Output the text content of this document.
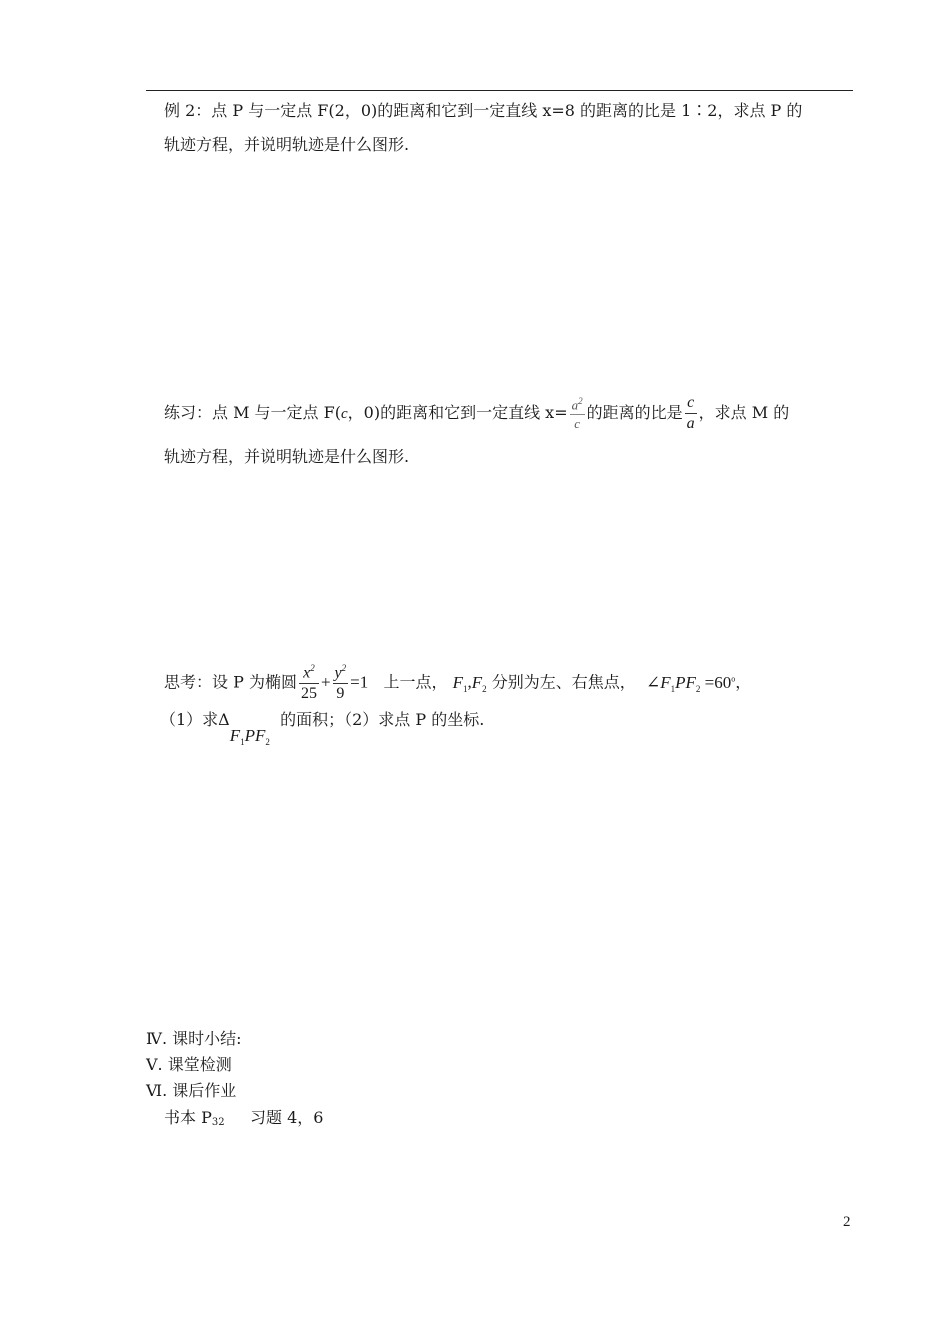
例 2：点 P 与一定点 F(2，0)的距离和它到一定直线 x=8 的距离的比是 1∶2，求点 P 的
轨迹方程，并说明轨迹是什么图形.
练习：点 M 与一定点 F(c，0)的距离和它到一定直线 $x= \frac{a^2}{c}$ 的距离的比是 $\frac{c}{a}$ ，求点 M 的
轨迹方程，并说明轨迹是什么图形.
思考：设 P 为椭圆 $\frac{x^2}{25} + \frac{y^2}{9} =1$ 上一点， $F_1,F_2$ 分别为左、右焦点， $\angle F_1PF_2 =60^o$，
（1）求$\Delta F_1PF_2$  的面积；（2）求点 P 的坐标.
Ⅳ. 课时小结:
Ⅴ. 课堂检测
Ⅵ. 课后作业
书本 P32 习题 4，6
2
